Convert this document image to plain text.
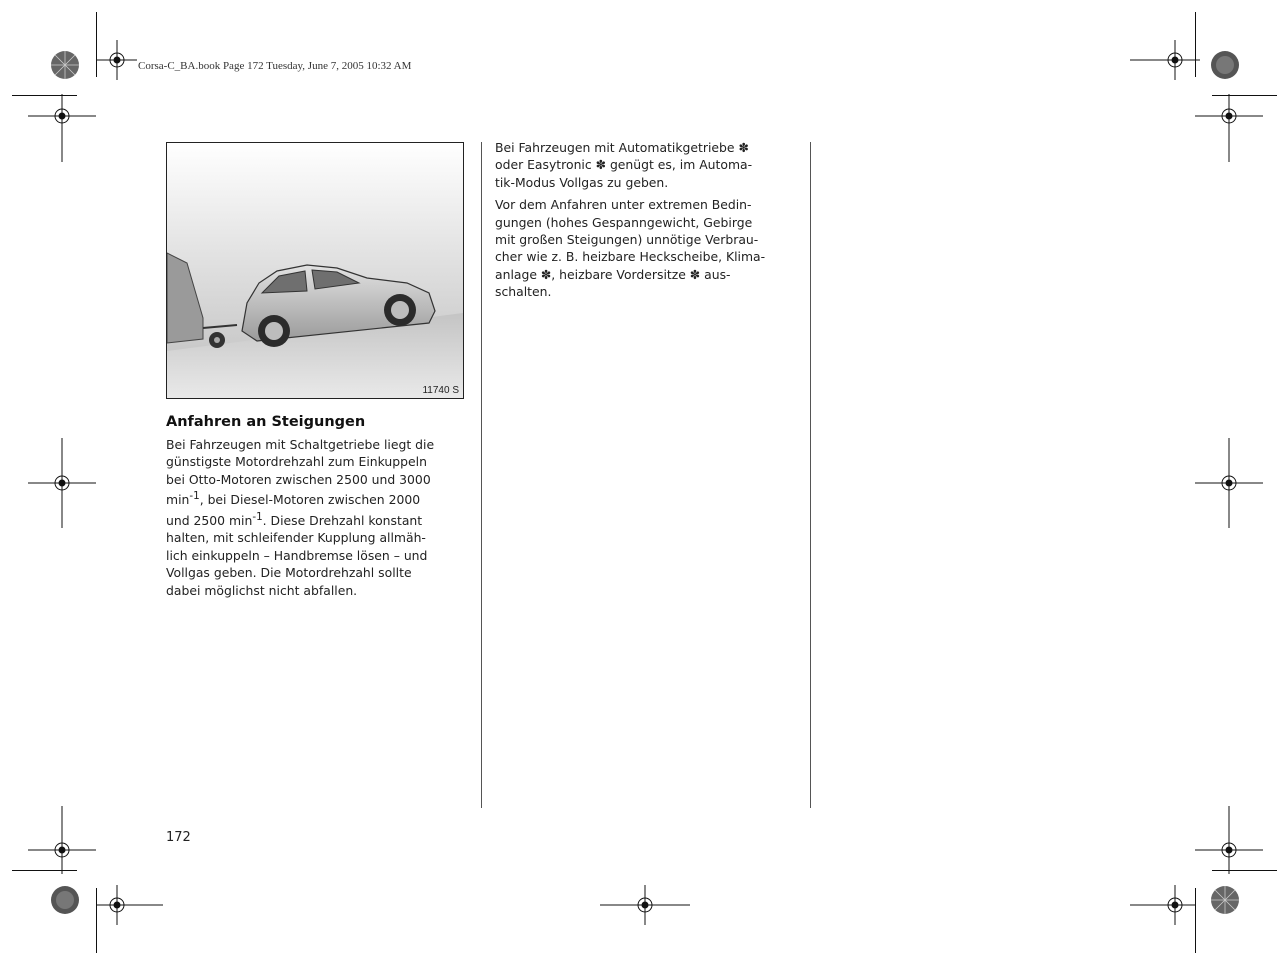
Corsa-C_BA.book Page 172 Tuesday, June 7, 2005 10:32 AM
11740 S
Anfahren an Steigungen
Bei Fahrzeugen mit Schaltgetriebe liegt die
günstigste Motordrehzahl zum Einkuppeln
bei Otto-Motoren zwischen 2500 und 3000
$\min^{-1}$, bei Diesel-Motoren zwischen 2000
und 2500 $\min^{-1}$. Diese Drehzahl konstant
halten, mit schleifender Kupplung allmäh-
lich einkuppeln – Handbremse lösen – und
Vollgas geben. Die Motordrehzahl sollte
dabei möglichst nicht abfallen.
Bei Fahrzeugen mit Automatikgetriebe ✽
oder Easytronic ✽ genügt es, im Automa-
tik-Modus Vollgas zu geben.
Vor dem Anfahren unter extremen Bedin-
gungen (hohes Gespanngewicht, Gebirge
mit großen Steigungen) unnötige Verbrau-
cher wie z. B. heizbare Heckscheibe, Klima-
anlage ✽, heizbare Vordersitze ✽ aus-
schalten.
172
